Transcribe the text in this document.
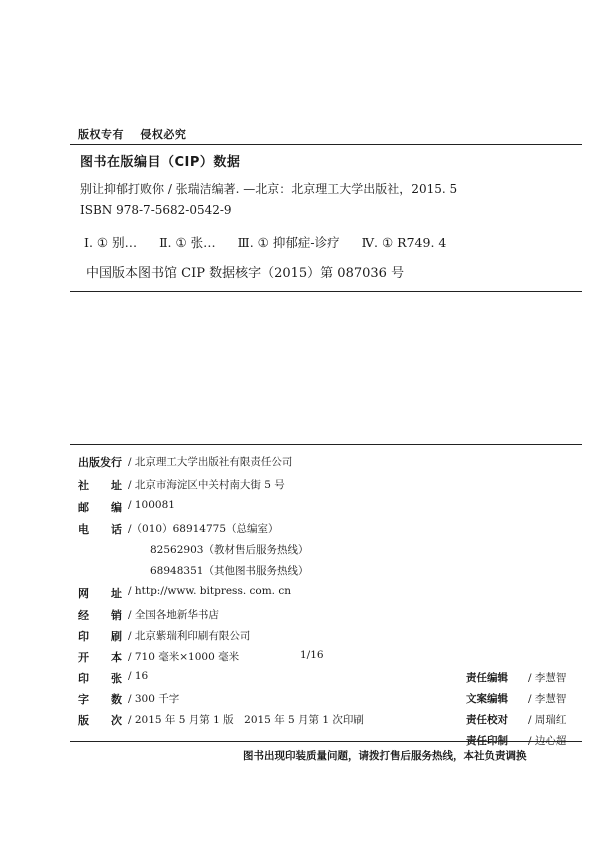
版权专有 侵权必究
图书在版编目（CIP）数据
别让抑郁打败你 / 张瑞洁编著. —北京：北京理工大学出版社，2015. 5
ISBN 978-7-5682-0542-9
Ⅰ. ① 别… Ⅱ. ① 张… Ⅲ. ① 抑郁症-诊疗 Ⅳ. ① R749. 4
中国版本图书馆 CIP 数据核字（2015）第 087036 号
出版发行 / 北京理工大学出版社有限责任公司
社　　址 / 北京市海淀区中关村南大街 5 号
邮　　编 / 100081
电　　话 /（010）68914775（总编室）
82562903（教材售后服务热线）
68948351（其他图书服务热线）
网　　址 / http://www. bitpress. com. cn
经　　销 / 全国各地新华书店
印　　刷 / 北京紫瑞利印刷有限公司
开　　本 / 710 毫米×1000 毫米	1/16
印　　张 / 16	责任编辑 / 李慧智
字　　数 / 300 千字	文案编辑 / 李慧智
版　　次 / 2015 年 5 月第 1 版　2015 年 5 月第 1 次印刷	责任校对 / 周瑞红
责任印制 / 边心超
图书出现印装质量问题，请拨打售后服务热线，本社负责调换
